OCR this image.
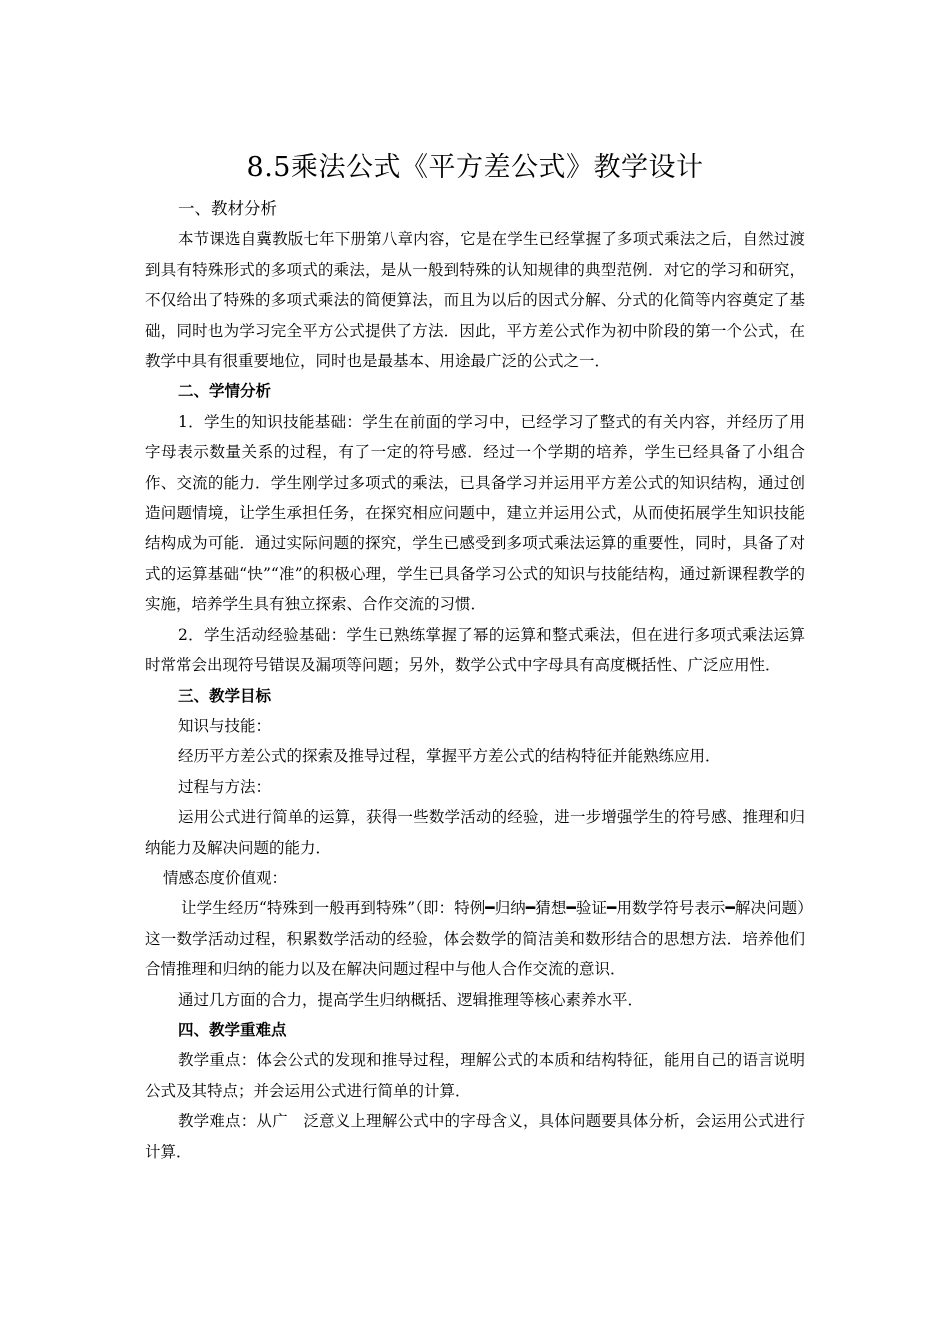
8.5乘法公式《平方差公式》教学设计
一、教材分析

本节课选自冀教版七年下册第八章内容，它是在学生已经掌握了多项式乘法之后，自然过渡到具有特殊形式的多项式的乘法，是从一般到特殊的认知规律的典型范例．对它的学习和研究，不仅给出了特殊的多项式乘法的简便算法，而且为以后的因式分解、分式的化简等内容奠定了基础，同时也为学习完全平方公式提供了方法．因此，平方差公式作为初中阶段的第一个公式，在教学中具有很重要地位，同时也是最基本、用途最广泛的公式之一．

二、学情分析

1．学生的知识技能基础：学生在前面的学习中，已经学习了整式的有关内容，并经历了用字母表示数量关系的过程，有了一定的符号感．经过一个学期的培养，学生已经具备了小组合作、交流的能力．学生刚学过多项式的乘法，已具备学习并运用平方差公式的知识结构，通过创造问题情境，让学生承担任务，在探究相应问题中，建立并运用公式，从而使拓展学生知识技能结构成为可能．通过实际问题的探究，学生已感受到多项式乘法运算的重要性，同时，具备了对式的运算基础“快”“准”的积极心理，学生已具备学习公式的知识与技能结构，通过新课程教学的实施，培养学生具有独立探索、合作交流的习惯．

2．学生活动经验基础：学生已熟练掌握了幂的运算和整式乘法，但在进行多项式乘法运算时常常会出现符号错误及漏项等问题；另外，数学公式中字母具有高度概括性、广泛应用性．

三、教学目标

知识与技能：

经历平方差公式的探索及推导过程，掌握平方差公式的结构特征并能熟练应用．

过程与方法：

运用公式进行简单的运算，获得一些数学活动的经验，进一步增强学生的符号感、推理和归纳能力及解决问题的能力．

情感态度价值观：

让学生经历“特殊到一般再到特殊”（即：特例━归纳━猜想━验证━用数学符号表示━解决问题）这一数学活动过程，积累数学活动的经验，体会数学的简洁美和数形结合的思想方法．培养他们合情推理和归纳的能力以及在解决问题过程中与他人合作交流的意识．

通过几方面的合力，提高学生归纳概括、逻辑推理等核心素养水平．

四、教学重难点

教学重点：体会公式的发现和推导过程，理解公式的本质和结构特征，能用自己的语言说明公式及其特点；并会运用公式进行简单的计算．

教学难点：从广　泛意义上理解公式中的字母含义，具体问题要具体分析，会运用公式进行计算．
